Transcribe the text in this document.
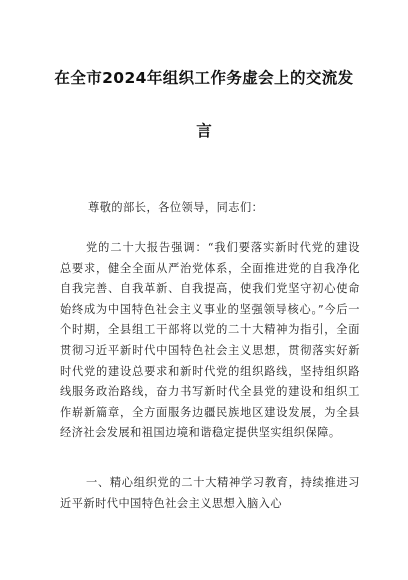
在全市2024年组织工作务虚会上的交流发
言
尊敬的部长，各位领导，同志们：
党的二十大报告强调：“我们要落实新时代党的建设总要求，健全全面从严治党体系，全面推进党的自我净化自我完善、自我革新、自我提高，使我们党坚守初心使命始终成为中国特色社会主义事业的坚强领导核心。”今后一个时期，全县组工干部将以党的二十大精神为指引，全面贯彻习近平新时代中国特色社会主义思想，贯彻落实好新时代党的建设总要求和新时代党的组织路线，坚持组织路线服务政治路线，奋力书写新时代全县党的建设和组织工作崭新篇章，全方面服务边疆民族地区建设发展，为全县经济社会发展和祖国边境和谐稳定提供坚实组织保障。
一、精心组织党的二十大精神学习教育，持续推进习近平新时代中国特色社会主义思想入脑入心
